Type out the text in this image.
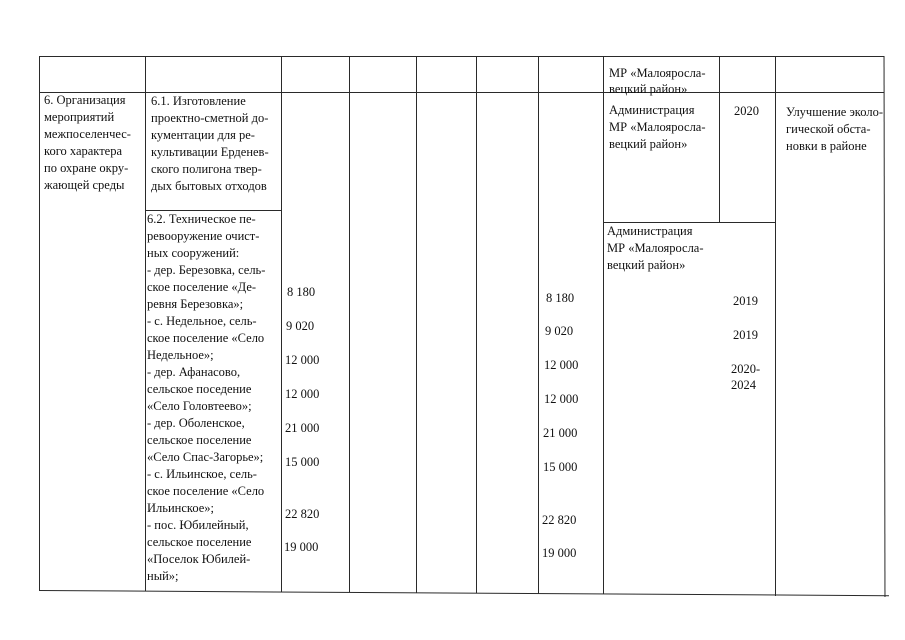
МР «Малояросла-
вецкий район»
6. Организация
мероприятий
межпоселенчес-
кого характера
по охране окру-
жающей среды
6.1. Изготовление
проектно-сметной до-
кументации для ре-
культивации Ерденев-
ского полигона твер-
дых бытовых отходов
Администрация
МР «Малояросла-
вецкий район»
2020 Улучшение эколо-
гической обста-
новки в районе
6.2. Техническое пе-
ревооружение очист-
ных сооружений:
- дер. Березовка, сель-
ское поселение «Де-
ревня Березовка»;
- с. Недельное, сель-
ское поселение «Село
Недельное»;
- дер. Афанасово,
сельское поседение
«Село Головтеево»;
- дер. Оболенское,
сельское поселение
«Село Спас-Загорье»;
- с. Ильинское, сель-
ское поселение «Село
Ильинское»;
- пос. Юбилейный,
сельское поселение
«Поселок Юбилей-
ный»;
8 180
9 020
12 000
12 000
21 000
15 000
22 820
19 000
8 180
9 020
12 000
12 000
21 000
15 000
22 820
19 000
Администрация
МР «Малояросла-
вецкий район»
2019
2019
2020-
2024
